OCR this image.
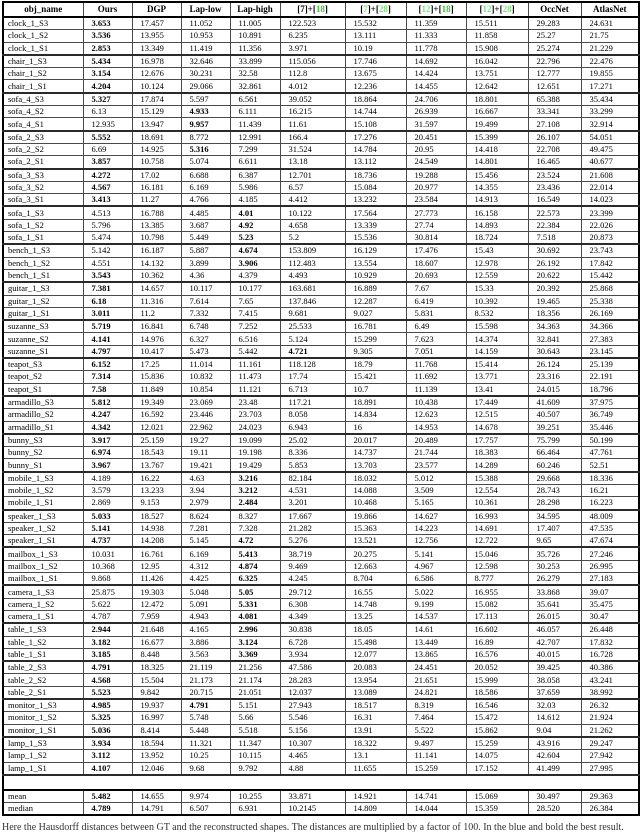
obj_name	Ours	DGP	Lap-low	Lap-high	[7]+[18]	[7]+[28]	[12]+[18]	[12]+[28]	OccNet	AtlasNet
clock_1_S3	3.653	17.457	11.052	11.005	122.523	15.532	11.359	15.511	29.283	24.631
clock_1_S2	3.536	13.955	10.953	10.891	6.235	13.111	11.333	11.858	25.27	21.75
clock_1_S1	2.853	13.349	11.419	11.356	3.971	10.19	11.778	15.908	25.274	21.229
chair_1_S3	5.434	16.978	32.646	33.899	115.056	17.746	14.692	16.042	22.796	22.476
chair_1_S2	3.154	12.676	30.231	32.58	112.8	13.675	14.424	13.751	12.777	19.855
chair_1_S1	4.204	10.124	29.066	32.861	4.012	12.236	14.455	12.642	12.651	17.271
sofa_4_S3	5.327	17.874	5.597	6.561	39.052	18.864	24.706	18.801	65.388	35.434
sofa_4_S2	6.13	15.129	4.933	6.111	16.215	14.744	26.939	16.667	33.341	33.299
sofa_4_S1	12.935	13.947	9.957	11.439	11.61	15.108	31.597	19.499	27.108	32.914
sofa_2_S3	5.552	18.691	8.772	12.991	166.4	17.276	20.451	15.399	26.107	54.051
sofa_2_S2	6.69	14.925	5.316	7.299	31.524	14.784	20.95	14.418	22.708	49.475
sofa_2_S1	3.857	10.758	5.074	6.611	13.18	13.112	24.549	14.801	16.465	40.677
sofa_3_S3	4.272	17.02	6.688	6.387	12.701	18.736	19.288	15.456	23.524	21.608
sofa_3_S2	4.567	16.181	6.169	5.986	6.57	15.084	20.977	14.355	23.436	22.014
sofa_3_S1	3.413	11.27	4.766	4.185	4.412	13.232	23.584	14.913	16.549	14.023
sofa_1_S3	4.513	16.788	4.485	4.01	10.122	17.564	27.773	16.158	22.573	23.399
sofa_1_S2	5.796	13.385	3.687	4.92	4.658	13.339	27.74	14.893	22.384	22.026
sofa_1_S1	5.474	10.798	5.449	5.23	5.2	15.536	30.814	18.724	7.518	20.873
bench_1_S3	5.142	16.187	5.887	4.674	153.809	16.129	17.476	15.43	30.692	23.743
bench_1_S2	4.551	14.132	3.899	3.906	112.483	13.554	18.607	12.978	26.192	17.842
bench_1_S1	3.543	10.362	4.36	4.379	4.493	10.929	20.693	12.559	20.622	15.442
guitar_1_S3	7.381	14.657	10.117	10.177	163.681	16.889	7.67	15.33	20.392	25.868
guitar_1_S2	6.18	11.316	7.614	7.65	137.846	12.287	6.419	10.392	19.465	25.338
guitar_1_S1	3.011	11.2	7.332	7.415	9.681	9.027	5.831	8.532	18.356	26.169
suzanne_S3	5.719	16.841	6.748	7.252	25.533	16.781	6.49	15.598	34.363	34.366
suzanne_S2	4.141	14.976	6.327	6.516	5.124	15.299	7.623	14.374	32.841	27.383
suzanne_S1	4.797	10.417	5.473	5.442	4.721	9.305	7.051	14.159	30.643	23.145
teapot_S3	6.152	17.25	11.014	11.161	118.128	18.79	11.768	15.414	26.124	25.139
teapot_S2	7.314	15.836	10.832	11.473	17.74	15.421	11.692	13.771	23.316	22.191
teapot_S1	7.58	11.849	10.854	11.121	6.713	10.7	11.139	13.41	24.015	18.796
armadillo_S3	5.812	19.349	23.069	23.48	117.21	18.891	10.438	17.449	41.609	37.975
armadillo_S2	4.247	16.592	23.446	23.703	8.058	14.834	12.623	12.515	40.507	36.749
armadillo_S1	4.342	12.021	22.962	24.023	6.943	16	14.953	14.678	39.251	35.446
bunny_S3	3.917	25.159	19.27	19.099	25.02	20.017	20.489	17.757	75.799	50.199
bunny_S2	6.974	18.543	19.11	19.198	8.336	14.737	21.744	18.383	66.464	47.761
bunny_S1	3.967	13.767	19.421	19.429	5.853	13.703	23.577	14.289	60.246	52.51
mobile_1_S3	4.189	16.22	4.63	3.216	82.184	18.032	5.012	15.388	29.668	18.336
mobile_1_S2	3.579	13.233	3.94	3.212	4.531	14.088	3.509	12.554	28.743	16.21
mobile_1_S1	2.869	9.153	2.979	2.484	3.201	10.468	5.165	10.361	28.298	16.223
speaker_1_S3	5.033	18.527	8.624	8.327	17.667	19.866	14.627	16.993	34.595	48.009
speaker_1_S2	5.141	14.938	7.281	7.328	21.282	15.363	14.223	14.691	17.407	47.535
speaker_1_S1	4.737	14.208	5.145	4.72	5.276	13.521	12.756	12.722	9.65	47.674
mailbox_1_S3	10.031	16.761	6.169	5.413	38.719	20.275	5.141	15.046	35.726	27.246
mailbox_1_S2	10.368	12.95	4.312	4.874	9.469	12.663	4.967	12.598	30.253	26.995
mailbox_1_S1	9.868	11.426	4.425	6.325	4.245	8.704	6.586	8.777	26.279	27.183
camera_1_S3	25.875	19.303	5.048	5.05	29.712	16.55	5.022	16.955	33.868	39.07
camera_1_S2	5.622	12.472	5.091	5.331	6.308	14.748	9.199	15.082	35.641	35.475
camera_1_S1	4.787	7.959	4.943	4.081	4.349	13.25	14.537	17.113	26.015	30.47
table_1_S3	2.944	21.648	4.165	2.996	30.838	18.05	14.61	16.602	46.057	26.448
table_1_S2	3.182	16.677	3.886	3.124	6.728	15.498	13.449	16.89	42.707	17.832
table_1_S1	3.185	8.448	3.563	3.369	3.934	12.077	13.865	16.576	40.015	16.728
table_2_S3	4.791	18.325	21.119	21.256	47.586	20.083	24.451	20.052	39.425	40.386
table_2_S2	4.568	15.504	21.173	21.174	28.283	13.954	21.651	15.999	38.058	43.241
table_2_S1	5.523	9.842	20.715	21.051	12.037	13.089	24.821	18.586	37.659	38.992
monitor_1_S3	4.985	19.937	4.791	5.151	27.943	18.517	8.319	16.546	32.03	26.32
monitor_1_S2	5.325	16.997	5.748	5.66	5.546	16.31	7.464	15.472	14.612	21.924
monitor_1_S1	5.036	8.414	5.448	5.518	5.156	13.91	5.522	15.862	9.04	21.262
lamp_1_S3	3.934	18.594	11.321	11.347	10.307	18.322	9.497	15.259	43.916	29.247
lamp_1_S2	3.112	13.952	10.25	10.115	4.465	13.1	11.141	14.075	42.604	27.942
lamp_1_S1	4.107	12.046	9.68	9.792	4.88	11.655	15.259	17.152	41.499	27.995

mean	5.482	14.655	9.974	10.255	33.871	14.921	14.741	15.069	30.497	29.363
median	4.789	14.791	6.507	6.931	10.2145	14.809	14.044	15.359	28.520	26.384
Here the Hausdorff distances between GT and the reconstructed shapes. The distances are multiplied by a factor of 100. In the blue and bold the best result.
